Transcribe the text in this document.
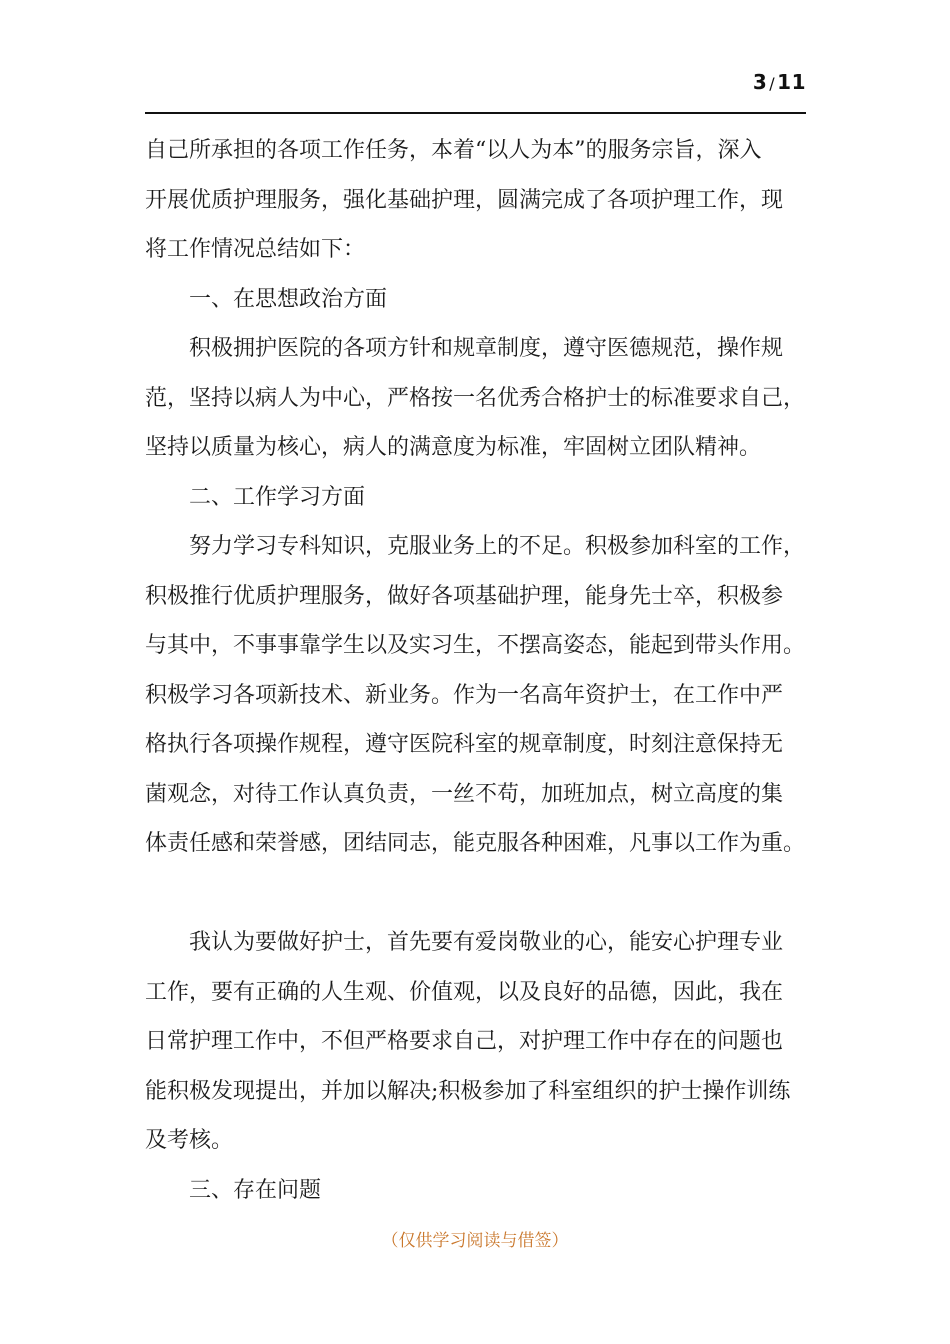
3 / 11
自己所承担的各项工作任务，本着“以人为本”的服务宗旨，深入
开展优质护理服务，强化基础护理，圆满完成了各项护理工作，现
将工作情况总结如下：
一、在思想政治方面
积极拥护医院的各项方针和规章制度，遵守医德规范，操作规
范，坚持以病人为中心，严格按一名优秀合格护士的标准要求自己，
坚持以质量为核心，病人的满意度为标准，牢固树立团队精神。
二、工作学习方面
努力学习专科知识，克服业务上的不足。积极参加科室的工作，
积极推行优质护理服务，做好各项基础护理，能身先士卒，积极参
与其中，不事事靠学生以及实习生，不摆高姿态，能起到带头作用。
积极学习各项新技术、新业务。作为一名高年资护士，在工作中严
格执行各项操作规程，遵守医院科室的规章制度，时刻注意保持无
菌观念，对待工作认真负责，一丝不苟，加班加点，树立高度的集
体责任感和荣誉感，团结同志，能克服各种困难，凡事以工作为重。
我认为要做好护士，首先要有爱岗敬业的心，能安心护理专业
工作，要有正确的人生观、价值观，以及良好的品德，因此，我在
日常护理工作中，不但严格要求自己，对护理工作中存在的问题也
能积极发现提出，并加以解决;积极参加了科室组织的护士操作训练
及考核。
三、存在问题
（仅供学习阅读与借签）
